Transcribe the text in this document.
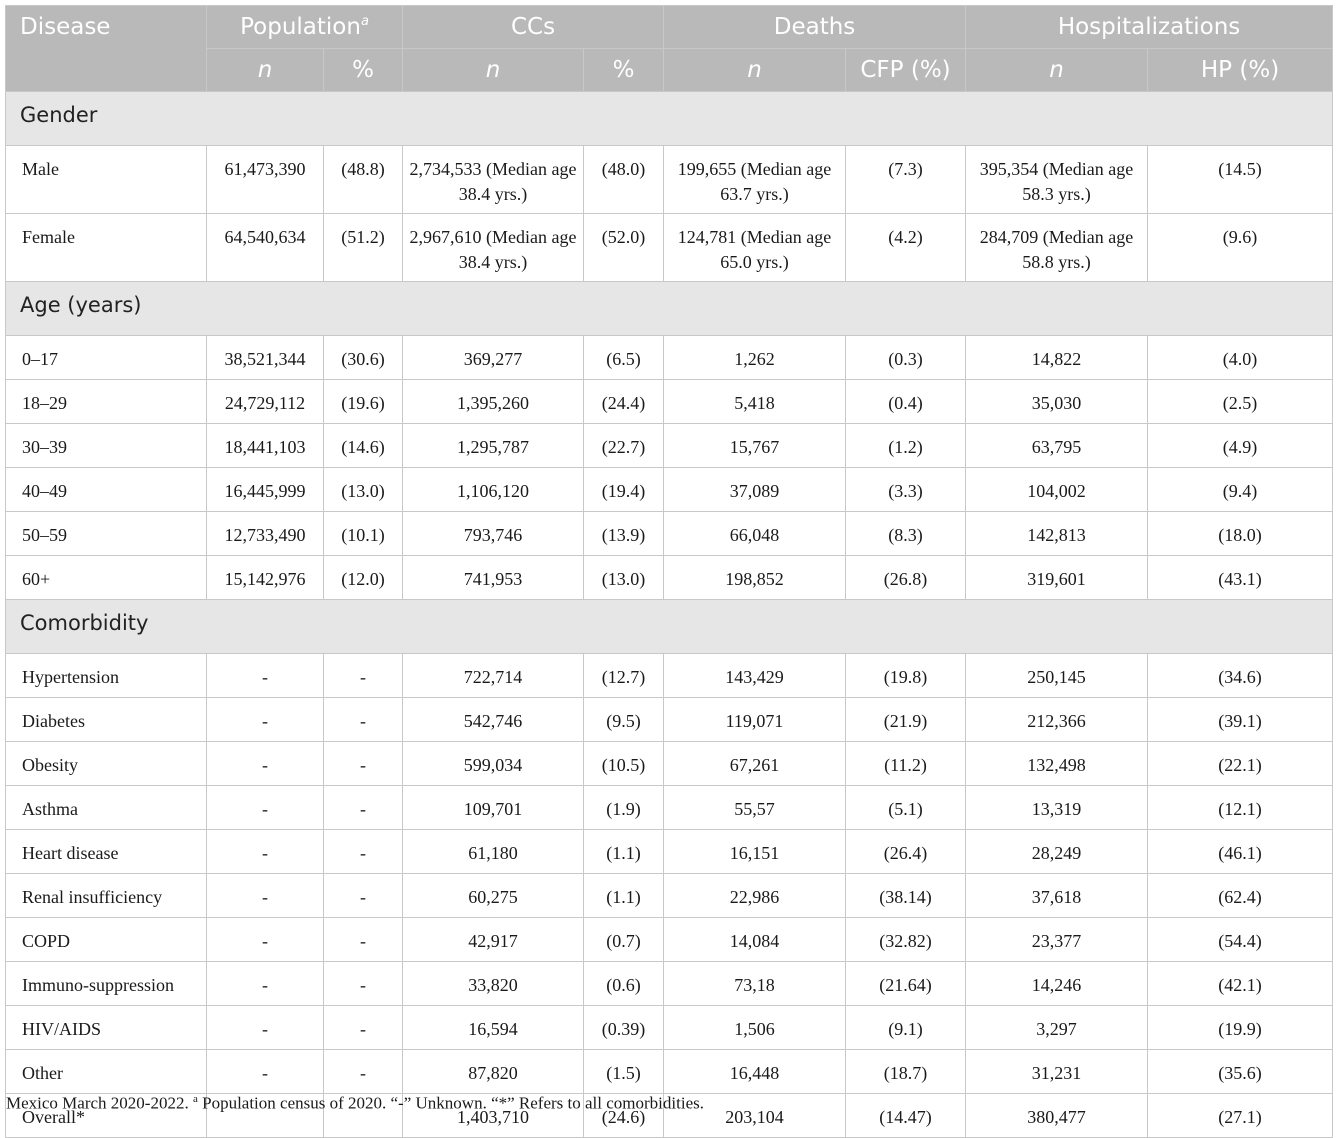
Disease	Population$^a$		CCs		Deaths		Hospitalizations	
	n	%	n	%	n	CFP (%)	n	HP (%)
Gender								
Male	61,473,390	(48.8)	2,734,533 (Median age 38.4 yrs.)	(48.0)	199,655 (Median age 63.7 yrs.)	(7.3)	395,354 (Median age 58.3 yrs.)	(14.5)
Female	64,540,634	(51.2)	2,967,610 (Median age 38.4 yrs.)	(52.0)	124,781 (Median age 65.0 yrs.)	(4.2)	284,709 (Median age 58.8 yrs.)	(9.6)
Age (years)								
0–17	38,521,344	(30.6)	369,277	(6.5)	1,262	(0.3)	14,822	(4.0)
18–29	24,729,112	(19.6)	1,395,260	(24.4)	5,418	(0.4)	35,030	(2.5)
30–39	18,441,103	(14.6)	1,295,787	(22.7)	15,767	(1.2)	63,795	(4.9)
40–49	16,445,999	(13.0)	1,106,120	(19.4)	37,089	(3.3)	104,002	(9.4)
50–59	12,733,490	(10.1)	793,746	(13.9)	66,048	(8.3)	142,813	(18.0)
60+	15,142,976	(12.0)	741,953	(13.0)	198,852	(26.8)	319,601	(43.1)
Comorbidity								
Hypertension	-	-	722,714	(12.7)	143,429	(19.8)	250,145	(34.6)
Diabetes	-	-	542,746	(9.5)	119,071	(21.9)	212,366	(39.1)
Obesity	-	-	599,034	(10.5)	67,261	(11.2)	132,498	(22.1)
Asthma	-	-	109,701	(1.9)	55,57	(5.1)	13,319	(12.1)
Heart disease	-	-	61,180	(1.1)	16,151	(26.4)	28,249	(46.1)
Renal insufficiency	-	-	60,275	(1.1)	22,986	(38.14)	37,618	(62.4)
COPD	-	-	42,917	(0.7)	14,084	(32.82)	23,377	(54.4)
Immuno-suppression	-	-	33,820	(0.6)	73,18	(21.64)	14,246	(42.1)
HIV/AIDS	-	-	16,594	(0.39)	1,506	(9.1)	3,297	(19.9)
Other	-	-	87,820	(1.5)	16,448	(18.7)	31,231	(35.6)
Overall*			1,403,710	(24.6)	203,104	(14.47)	380,477	(27.1)
Mexico March 2020-2022. $^a$ Population census of 2020. “-” Unknown. “*” Refers to all comorbidities.
